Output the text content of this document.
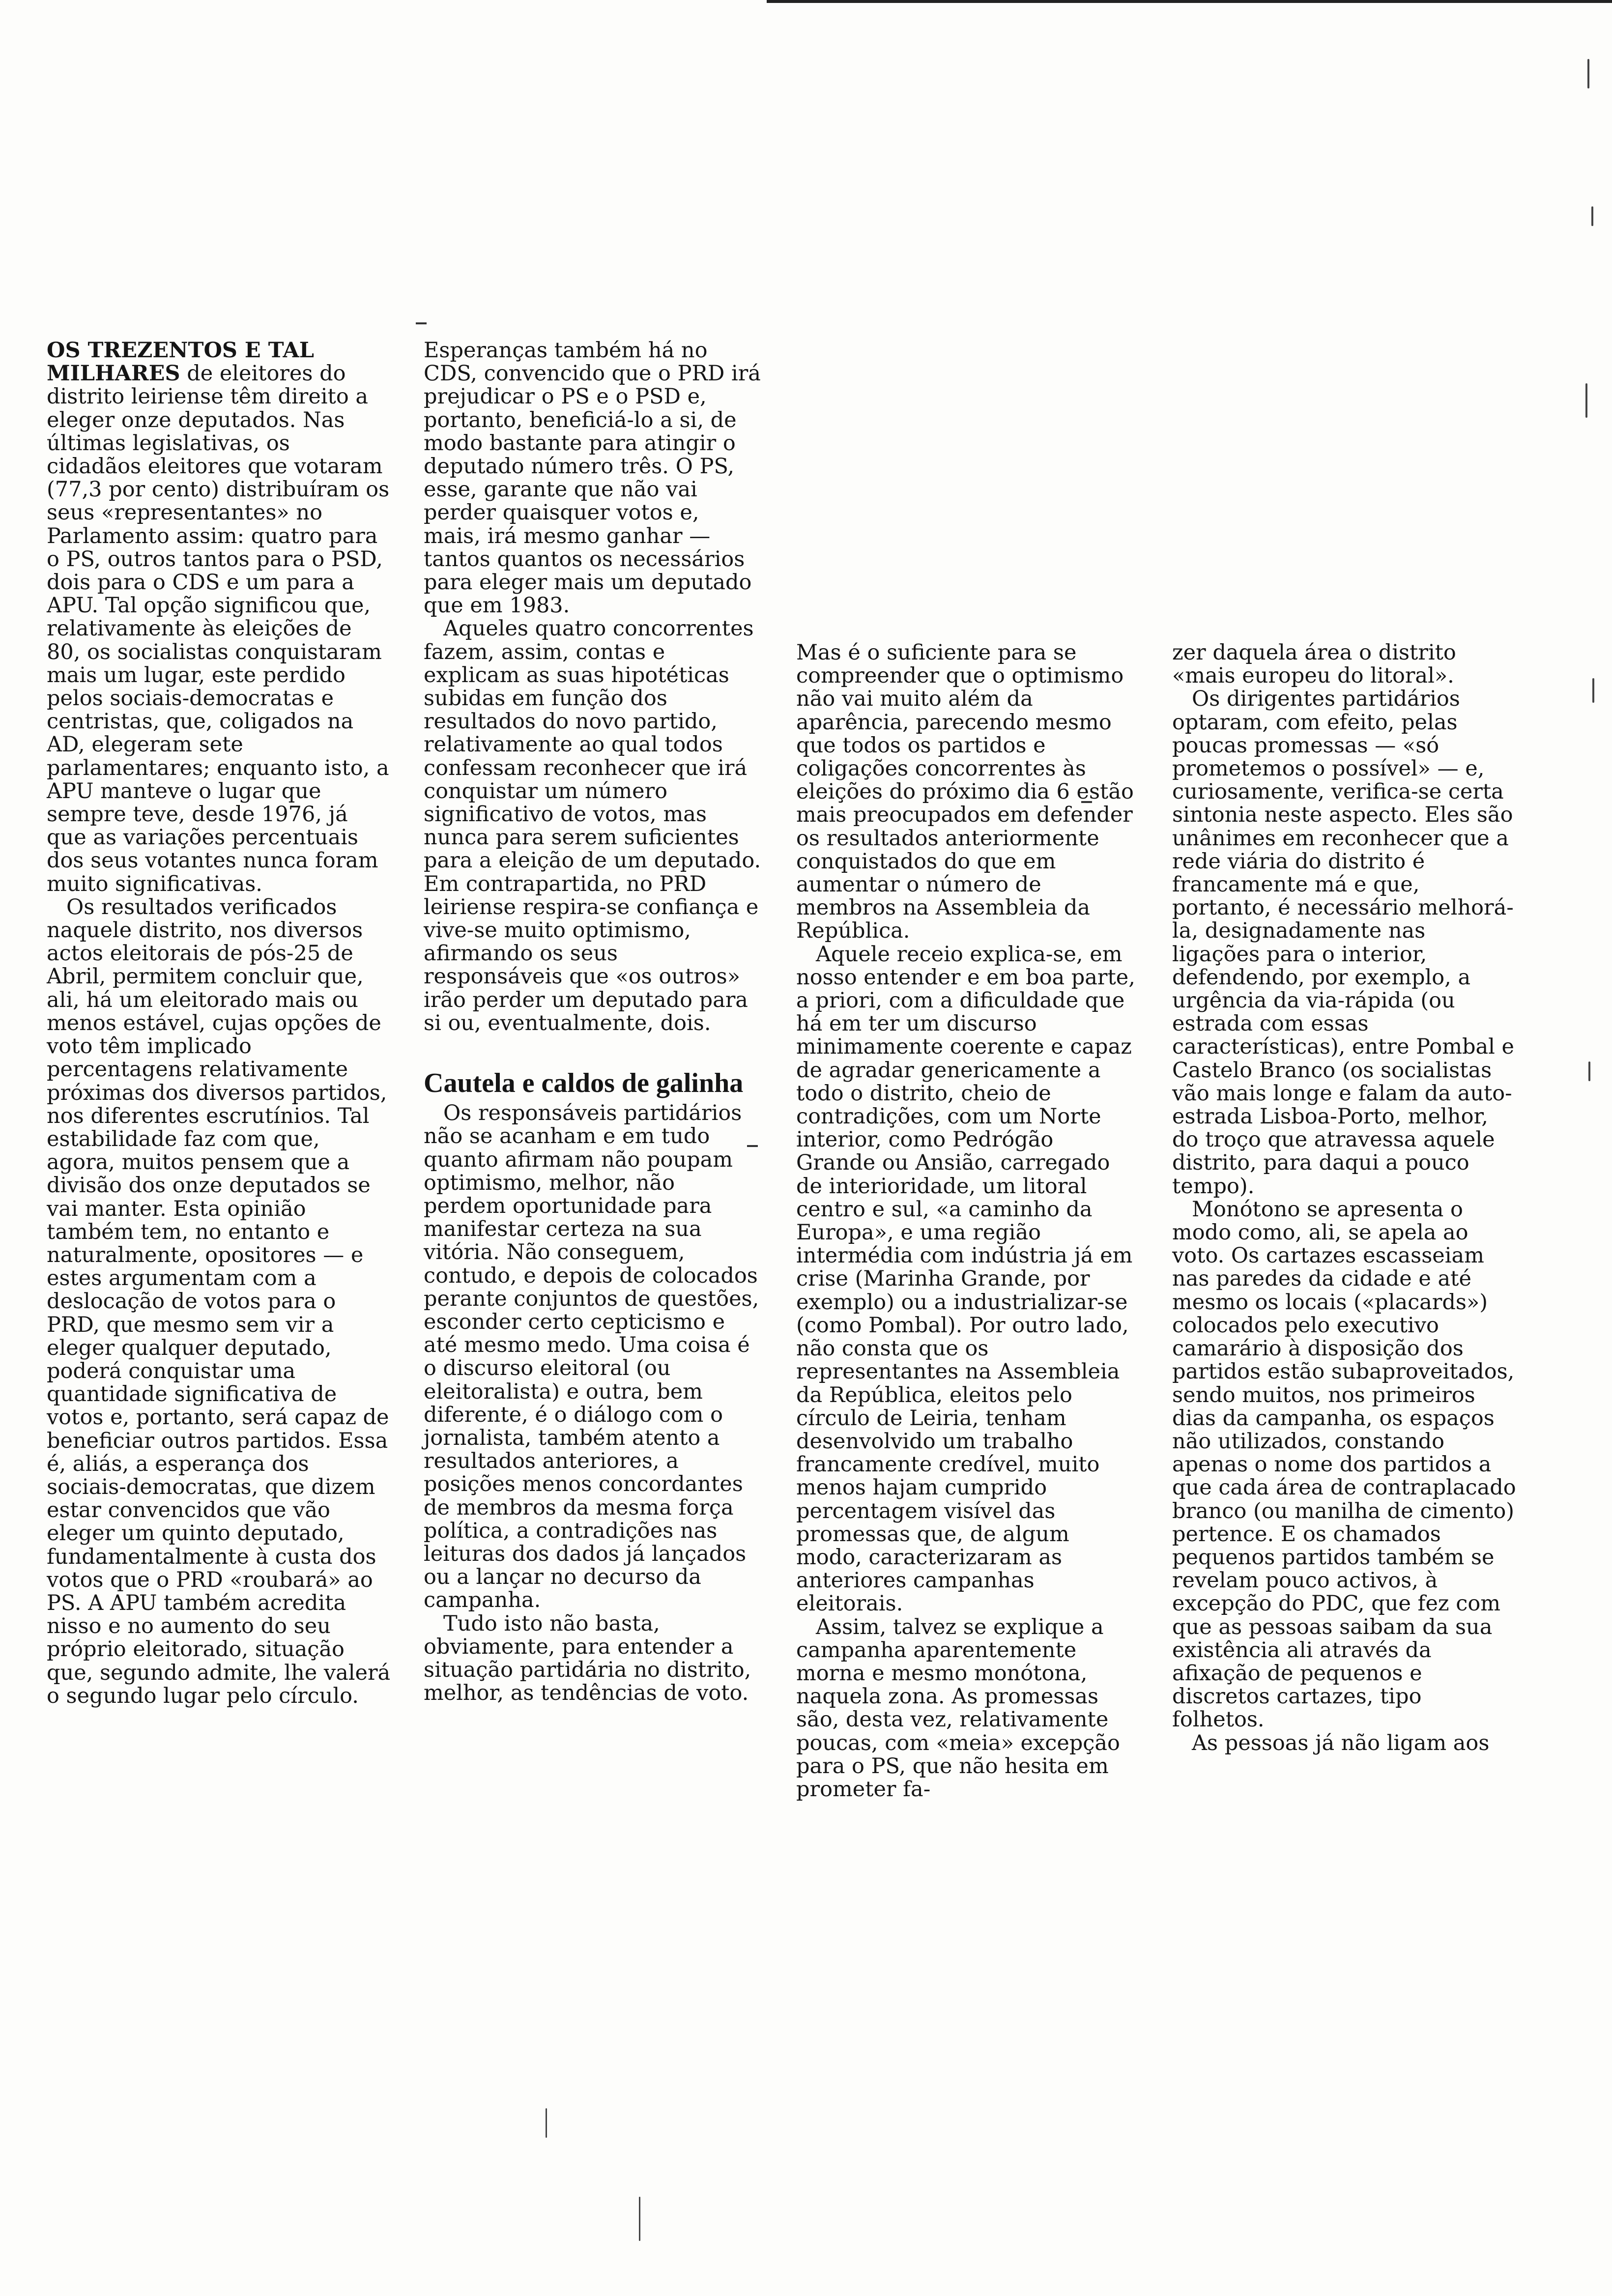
OS TREZENTOS E TAL MILHARES de eleitores do distrito leiriense têm direito a eleger onze deputados. Nas últimas legislativas, os cidadãos eleitores que votaram (77,3 por cento) distribuíram os seus «representantes» no Parlamento assim: quatro para o PS, outros tantos para o PSD, dois para o CDS e um para a APU. Tal opção significou que, relativamente às eleições de 80, os socialistas conquistaram mais um lugar, este perdido pelos sociais-democratas e centristas, que, coligados na AD, elegeram sete parlamentares; enquanto isto, a APU manteve o lugar que sempre teve, desde 1976, já que as variações percentuais dos seus votantes nunca foram muito significativas.

Os resultados verificados naquele distrito, nos diversos actos eleitorais de pós-25 de Abril, permitem concluir que, ali, há um eleitorado mais ou menos estável, cujas opções de voto têm implicado percentagens relativamente próximas dos diversos partidos, nos diferentes escrutínios. Tal estabilidade faz com que, agora, muitos pensem que a divisão dos onze deputados se vai manter. Esta opinião também tem, no entanto e naturalmente, opositores — e estes argumentam com a deslocação de votos para o PRD, que mesmo sem vir a eleger qualquer deputado, poderá conquistar uma quantidade significativa de votos e, portanto, será capaz de beneficiar outros partidos. Essa é, aliás, a esperança dos sociais-democratas, que dizem estar convencidos que vão eleger um quinto deputado, fundamentalmente à custa dos votos que o PRD «roubará» ao PS. A APU também acredita nisso e no aumento do seu próprio eleitorado, situação que, segundo admite, lhe valerá o segundo lugar pelo círculo.

Esperanças também há no CDS, convencido que o PRD irá prejudicar o PS e o PSD e, portanto, beneficiá-lo a si, de modo bastante para atingir o deputado número três. O PS, esse, garante que não vai perder quaisquer votos e, mais, irá mesmo ganhar — tantos quantos os necessários para eleger mais um deputado que em 1983.

Aqueles quatro concorrentes fazem, assim, contas e explicam as suas hipotéticas subidas em função dos resultados do novo partido, relativamente ao qual todos confessam reconhecer que irá conquistar um número significativo de votos, mas nunca para serem suficientes para a eleição de um deputado. Em contrapartida, no PRD leiriense respira-se confiança e vive-se muito optimismo, afirmando os seus responsáveis que «os outros» irão perder um deputado para si ou, eventualmente, dois.

Cautela e caldos de galinha

Os responsáveis partidários não se acanham e em tudo quanto afirmam não poupam optimismo, melhor, não perdem oportunidade para manifestar certeza na sua vitória. Não conseguem, contudo, e depois de colocados perante conjuntos de questões, esconder certo cepticismo e até mesmo medo. Uma coisa é o discurso eleitoral (ou eleitoralista) e outra, bem diferente, é o diálogo com o jornalista, também atento a resultados anteriores, a posições menos concordantes de membros da mesma força política, a contradições nas leituras dos dados já lançados ou a lançar no decurso da campanha.

Tudo isto não basta, obviamente, para entender a situação partidária no distrito, melhor, as tendências de voto.

Mas é o suficiente para se compreender que o optimismo não vai muito além da aparência, parecendo mesmo que todos os partidos e coligações concorrentes às eleições do próximo dia 6 estão mais preocupados em defender os resultados anteriormente conquistados do que em aumentar o número de membros na Assembleia da República.

Aquele receio explica-se, em nosso entender e em boa parte, a priori, com a dificuldade que há em ter um discurso minimamente coerente e capaz de agradar genericamente a todo o distrito, cheio de contradições, com um Norte interior, como Pedrógão Grande ou Ansião, carregado de interioridade, um litoral centro e sul, «a caminho da Europa», e uma região intermédia com indústria já em crise (Marinha Grande, por exemplo) ou a industrializar-se (como Pombal). Por outro lado, não consta que os representantes na Assembleia da República, eleitos pelo círculo de Leiria, tenham desenvolvido um trabalho francamente credível, muito menos hajam cumprido percentagem visível das promessas que, de algum modo, caracterizaram as anteriores campanhas eleitorais.

Assim, talvez se explique a campanha aparentemente morna e mesmo monótona, naquela zona. As promessas são, desta vez, relativamente poucas, com «meia» excepção para o PS, que não hesita em prometer fa-

zer daquela área o distrito «mais europeu do litoral».

Os dirigentes partidários optaram, com efeito, pelas poucas promessas — «só prometemos o possível» — e, curiosamente, verifica-se certa sintonia neste aspecto. Eles são unânimes em reconhecer que a rede viária do distrito é francamente má e que, portanto, é necessário melhorá-la, designadamente nas ligações para o interior, defendendo, por exemplo, a urgência da via-rápida (ou estrada com essas características), entre Pombal e Castelo Branco (os socialistas vão mais longe e falam da auto-estrada Lisboa-Porto, melhor, do troço que atravessa aquele distrito, para daqui a pouco tempo).

Monótono se apresenta o modo como, ali, se apela ao voto. Os cartazes escasseiam nas paredes da cidade e até mesmo os locais («placards») colocados pelo executivo camarário à disposição dos partidos estão subaproveitados, sendo muitos, nos primeiros dias da campanha, os espaços não utilizados, constando apenas o nome dos partidos a que cada área de contraplacado branco (ou manilha de cimento) pertence. E os chamados pequenos partidos também se revelam pouco activos, à excepção do PDC, que fez com que as pessoas saibam da sua existência ali através da afixação de pequenos e discretos cartazes, tipo folhetos.

As pessoas já não ligam aos
